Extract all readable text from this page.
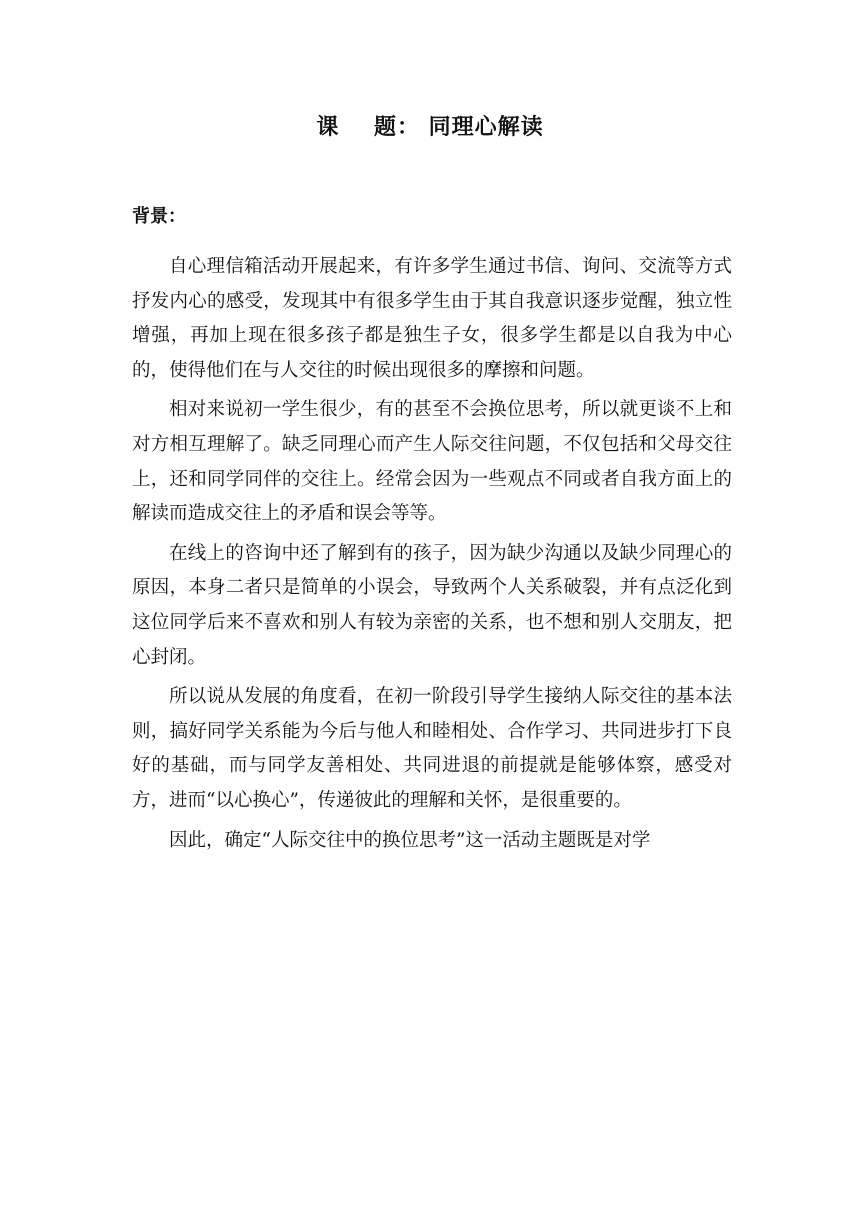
课    题： 同理心解读
背景：

自心理信箱活动开展起来，有许多学生通过书信、询问、交流等方式抒发内心的感受，发现其中有很多学生由于其自我意识逐步觉醒，独立性增强，再加上现在很多孩子都是独生子女，很多学生都是以自我为中心的，使得他们在与人交往的时候出现很多的摩擦和问题。

相对来说初一学生很少，有的甚至不会换位思考，所以就更谈不上和对方相互理解了。缺乏同理心而产生人际交往问题，不仅包括和父母交往上，还和同学同伴的交往上。经常会因为一些观点不同或者自我方面上的解读而造成交往上的矛盾和误会等等。

在线上的咨询中还了解到有的孩子，因为缺少沟通以及缺少同理心的原因，本身二者只是简单的小误会，导致两个人关系破裂，并有点泛化到这位同学后来不喜欢和别人有较为亲密的关系，也不想和别人交朋友，把心封闭。

所以说从发展的角度看，在初一阶段引导学生接纳人际交往的基本法则，搞好同学关系能为今后与他人和睦相处、合作学习、共同进步打下良好的基础，而与同学友善相处、共同进退的前提就是能够体察，感受对方，进而“以心换心”，传递彼此的理解和关怀，是很重要的。

因此，确定“人际交往中的换位思考”这一活动主题既是对学
